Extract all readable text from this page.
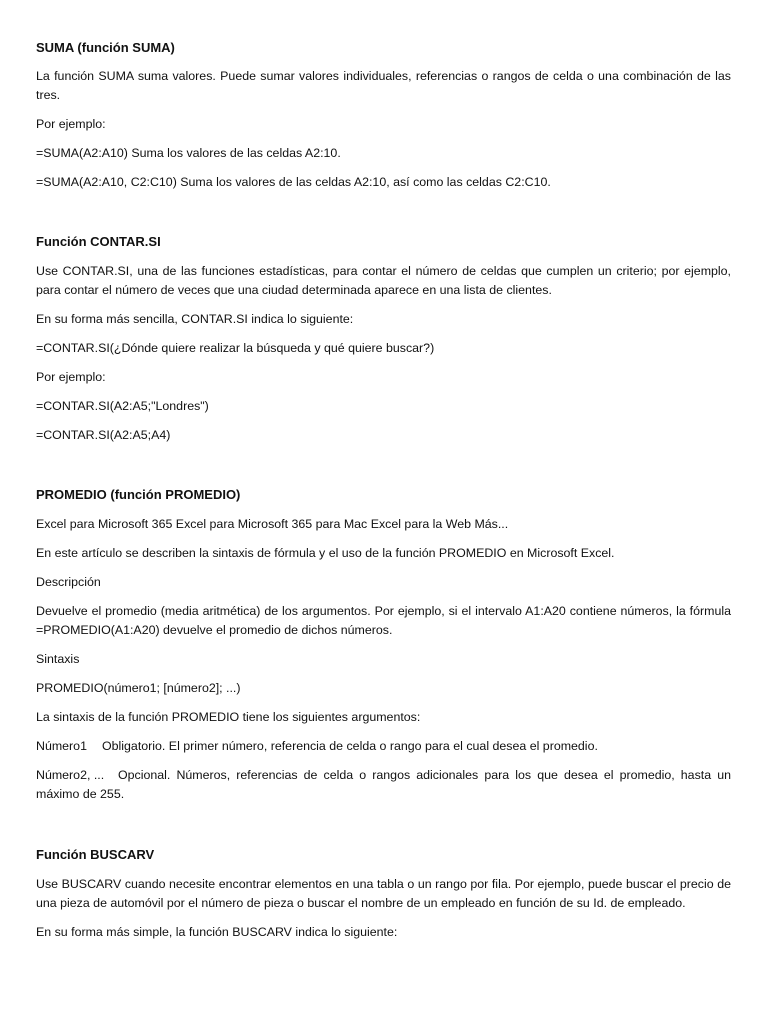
SUMA (función SUMA)

La función SUMA suma valores. Puede sumar valores individuales, referencias o rangos de celda o una combinación de las tres.

Por ejemplo:

=SUMA(A2:A10) Suma los valores de las celdas A2:10.

=SUMA(A2:A10, C2:C10) Suma los valores de las celdas A2:10, así como las celdas C2:C10.

Función CONTAR.SI

Use CONTAR.SI, una de las funciones estadísticas, para contar el número de celdas que cumplen un criterio; por ejemplo, para contar el número de veces que una ciudad determinada aparece en una lista de clientes.

En su forma más sencilla, CONTAR.SI indica lo siguiente:

=CONTAR.SI(¿Dónde quiere realizar la búsqueda y qué quiere buscar?)

Por ejemplo:

=CONTAR.SI(A2:A5;"Londres")

=CONTAR.SI(A2:A5;A4)

PROMEDIO (función PROMEDIO)

Excel para Microsoft 365 Excel para Microsoft 365 para Mac Excel para la Web Más...

En este artículo se describen la sintaxis de fórmula y el uso de la función PROMEDIO en Microsoft Excel.

Descripción

Devuelve el promedio (media aritmética) de los argumentos. Por ejemplo, si el intervalo A1:A20 contiene números, la fórmula =PROMEDIO(A1:A20) devuelve el promedio de dichos números.

Sintaxis

PROMEDIO(número1; [número2]; ...)

La sintaxis de la función PROMEDIO tiene los siguientes argumentos:

Número1 Obligatorio. El primer número, referencia de celda o rango para el cual desea el promedio.

Número2, ... Opcional. Números, referencias de celda o rangos adicionales para los que desea el promedio, hasta un máximo de 255.

Función BUSCARV

Use BUSCARV cuando necesite encontrar elementos en una tabla o un rango por fila. Por ejemplo, puede buscar el precio de una pieza de automóvil por el número de pieza o buscar el nombre de un empleado en función de su Id. de empleado.

En su forma más simple, la función BUSCARV indica lo siguiente:
